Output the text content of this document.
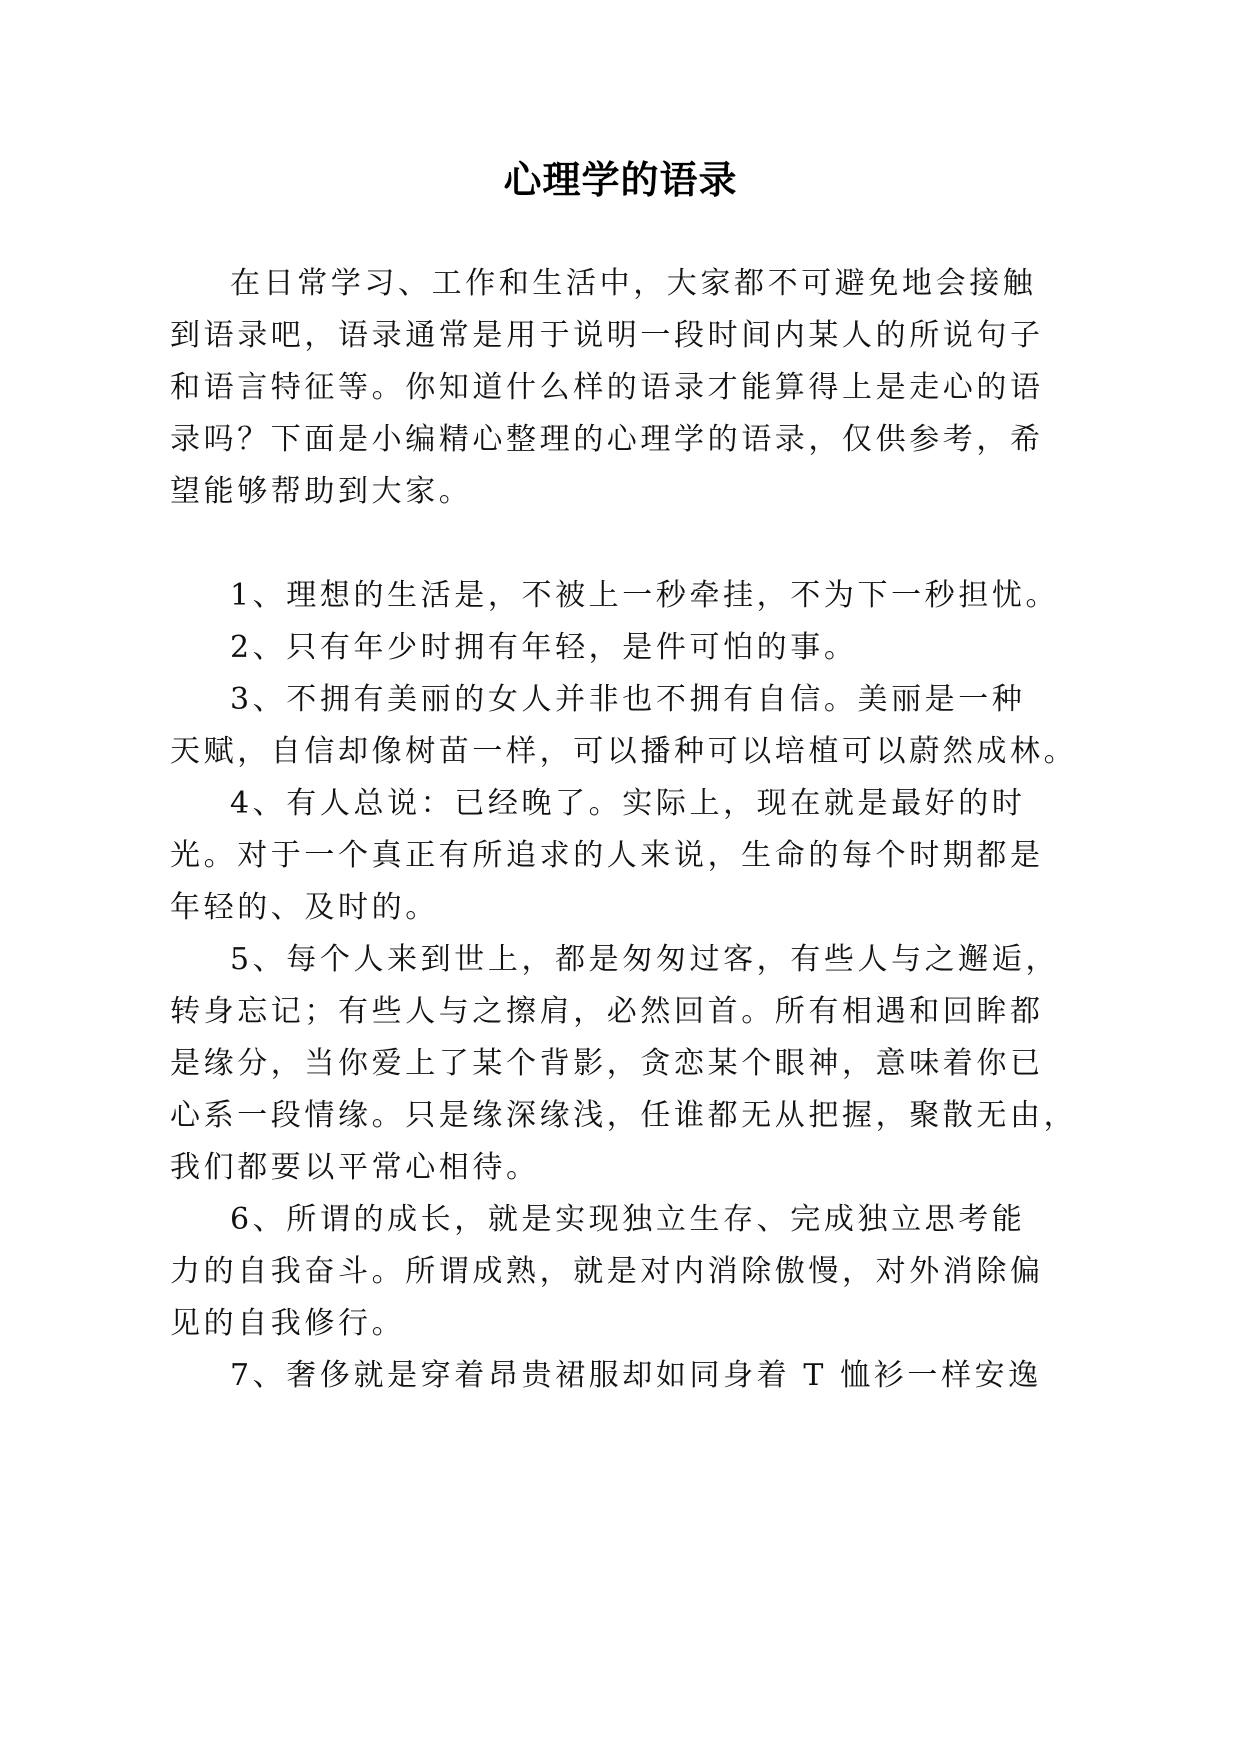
心理学的语录
在日常学习、工作和生活中，大家都不可避免地会接触
到语录吧，语录通常是用于说明一段时间内某人的所说句子
和语言特征等。你知道什么样的语录才能算得上是走心的语
录吗？下面是小编精心整理的心理学的语录，仅供参考，希
望能够帮助到大家。
1、理想的生活是，不被上一秒牵挂，不为下一秒担忧。
2、只有年少时拥有年轻，是件可怕的事。
3、不拥有美丽的女人并非也不拥有自信。美丽是一种
天赋，自信却像树苗一样，可以播种可以培植可以蔚然成林。
4、有人总说：已经晚了。实际上，现在就是最好的时
光。对于一个真正有所追求的人来说，生命的每个时期都是
年轻的、及时的。
5、每个人来到世上，都是匆匆过客，有些人与之邂逅，
转身忘记；有些人与之擦肩，必然回首。所有相遇和回眸都
是缘分，当你爱上了某个背影，贪恋某个眼神，意味着你已
心系一段情缘。只是缘深缘浅，任谁都无从把握，聚散无由，
我们都要以平常心相待。
6、所谓的成长，就是实现独立生存、完成独立思考能
力的自我奋斗。所谓成熟，就是对内消除傲慢，对外消除偏
见的自我修行。
7、奢侈就是穿着昂贵裙服却如同身着 T 恤衫一样安逸
